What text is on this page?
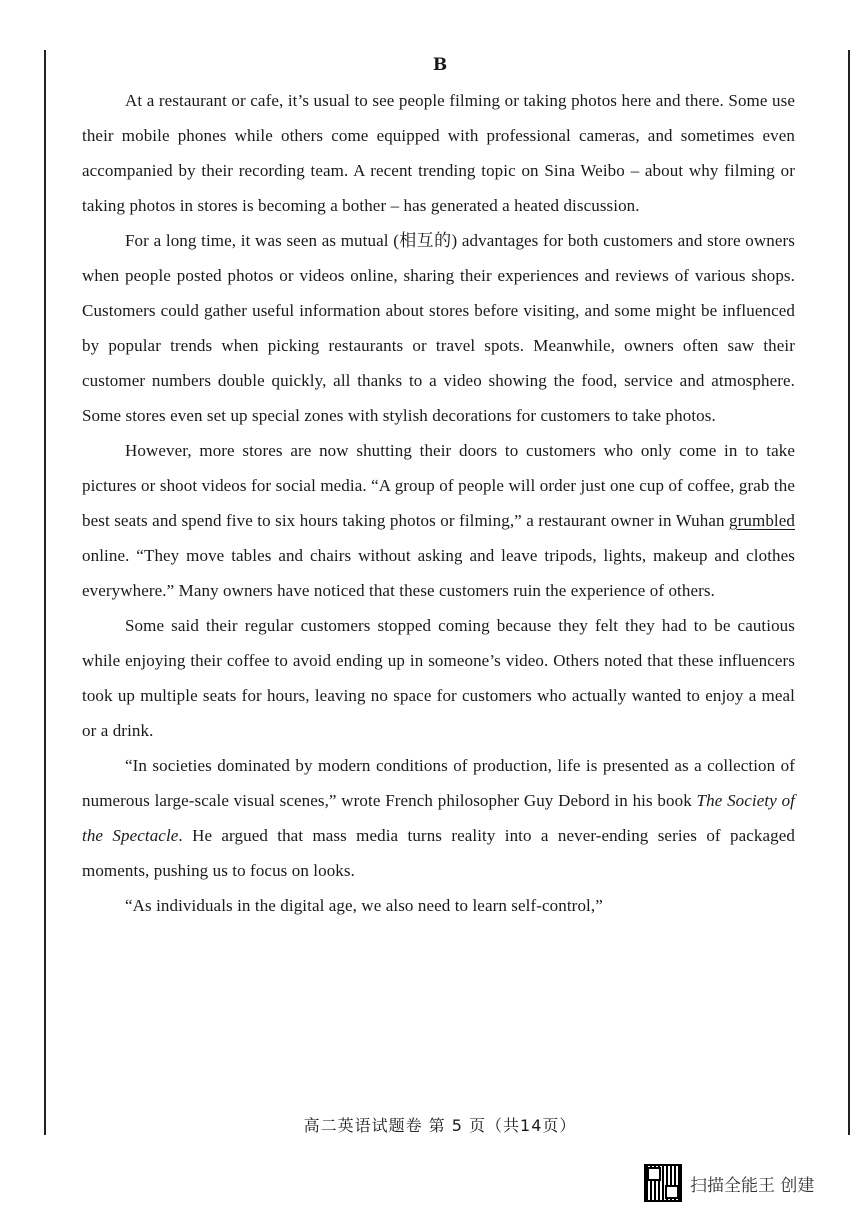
B

At a restaurant or cafe, it’s usual to see people filming or taking photos here and there. Some use their mobile phones while others come equipped with professional cameras, and sometimes even accompanied by their recording team. A recent trending topic on Sina Weibo – about why filming or taking photos in stores is becoming a bother – has generated a heated discussion.

For a long time, it was seen as mutual (相互的) advantages for both customers and store owners when people posted photos or videos online, sharing their experiences and reviews of various shops. Customers could gather useful information about stores before visiting, and some might be influenced by popular trends when picking restaurants or travel spots. Meanwhile, owners often saw their customer numbers double quickly, all thanks to a video showing the food, service and atmosphere. Some stores even set up special zones with stylish decorations for customers to take photos.

However, more stores are now shutting their doors to customers who only come in to take pictures or shoot videos for social media. “A group of people will order just one cup of coffee, grab the best seats and spend five to six hours taking photos or filming,” a restaurant owner in Wuhan grumbled online. “They move tables and chairs without asking and leave tripods, lights, makeup and clothes everywhere.” Many owners have noticed that these customers ruin the experience of others.

Some said their regular customers stopped coming because they felt they had to be cautious while enjoying their coffee to avoid ending up in someone’s video. Others noted that these influencers took up multiple seats for hours, leaving no space for customers who actually wanted to enjoy a meal or a drink.

“In societies dominated by modern conditions of production, life is presented as a collection of numerous large-scale visual scenes,” wrote French philosopher Guy Debord in his book The Society of the Spectacle. He argued that mass media turns reality into a never-ending series of packaged moments, pushing us to focus on looks.

“As individuals in the digital age, we also need to learn self-control,”

高二英语试题卷 第 5 页（共14页）
扫描全能王 创建
